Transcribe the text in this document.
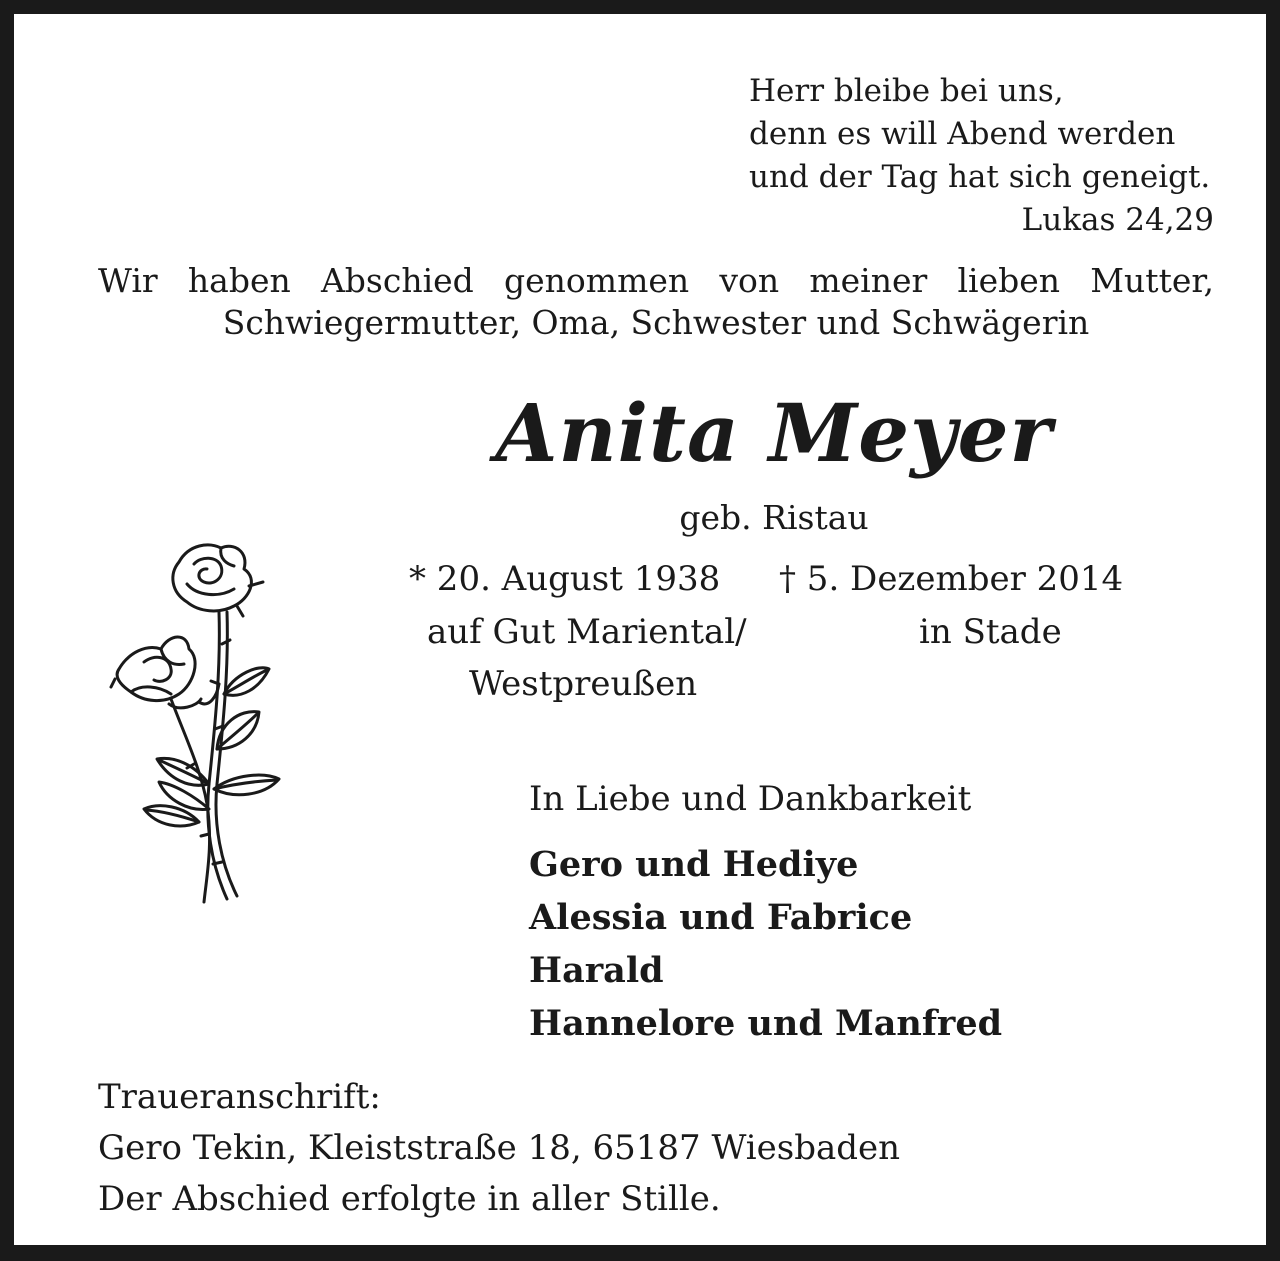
Herr bleibe bei uns,
denn es will Abend werden
und der Tag hat sich geneigt.
Lukas 24,29
Wir haben Abschied genommen von meiner lieben Mutter,
Schwiegermutter, Oma, Schwester und Schwägerin
Anita Meyer
geb. Ristau
* 20. August 1938 † 5. Dezember 2014
auf Gut Mariental/
Westpreußen
in Stade
In Liebe und Dankbarkeit
Gero und Hediye
Alessia und Fabrice
Harald
Hannelore und Manfred
Traueranschrift:
Gero Tekin, Kleiststraße 18, 65187 Wiesbaden
Der Abschied erfolgte in aller Stille.
